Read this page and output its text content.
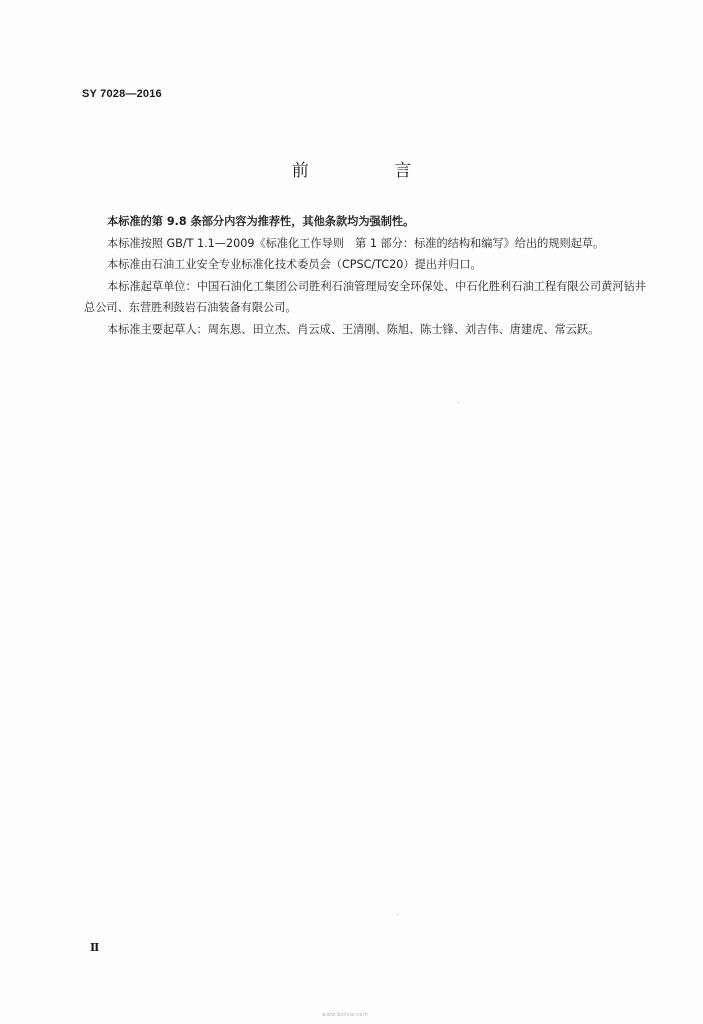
SY 7028—2016
前 言

本标准的第 9.8 条部分内容为推荐性，其他条款均为强制性。

本标准按照 GB/T 1.1—2009《标准化工作导则　第 1 部分：标准的结构和编写》给出的规则起草。

本标准由石油工业安全专业标准化技术委员会（CPSC/TC20）提出并归口。

本标准起草单位：中国石油化工集团公司胜利石油管理局安全环保处、中石化胜利石油工程有限公司黄河钻井总公司、东营胜利鼓岩石油装备有限公司。

本标准主要起草人：周东恩、田立杰、肖云成、王清刚、陈旭、陈士锋、刘吉伟、唐建虎、常云跃。

Ⅱ
www.bzfxw.com
